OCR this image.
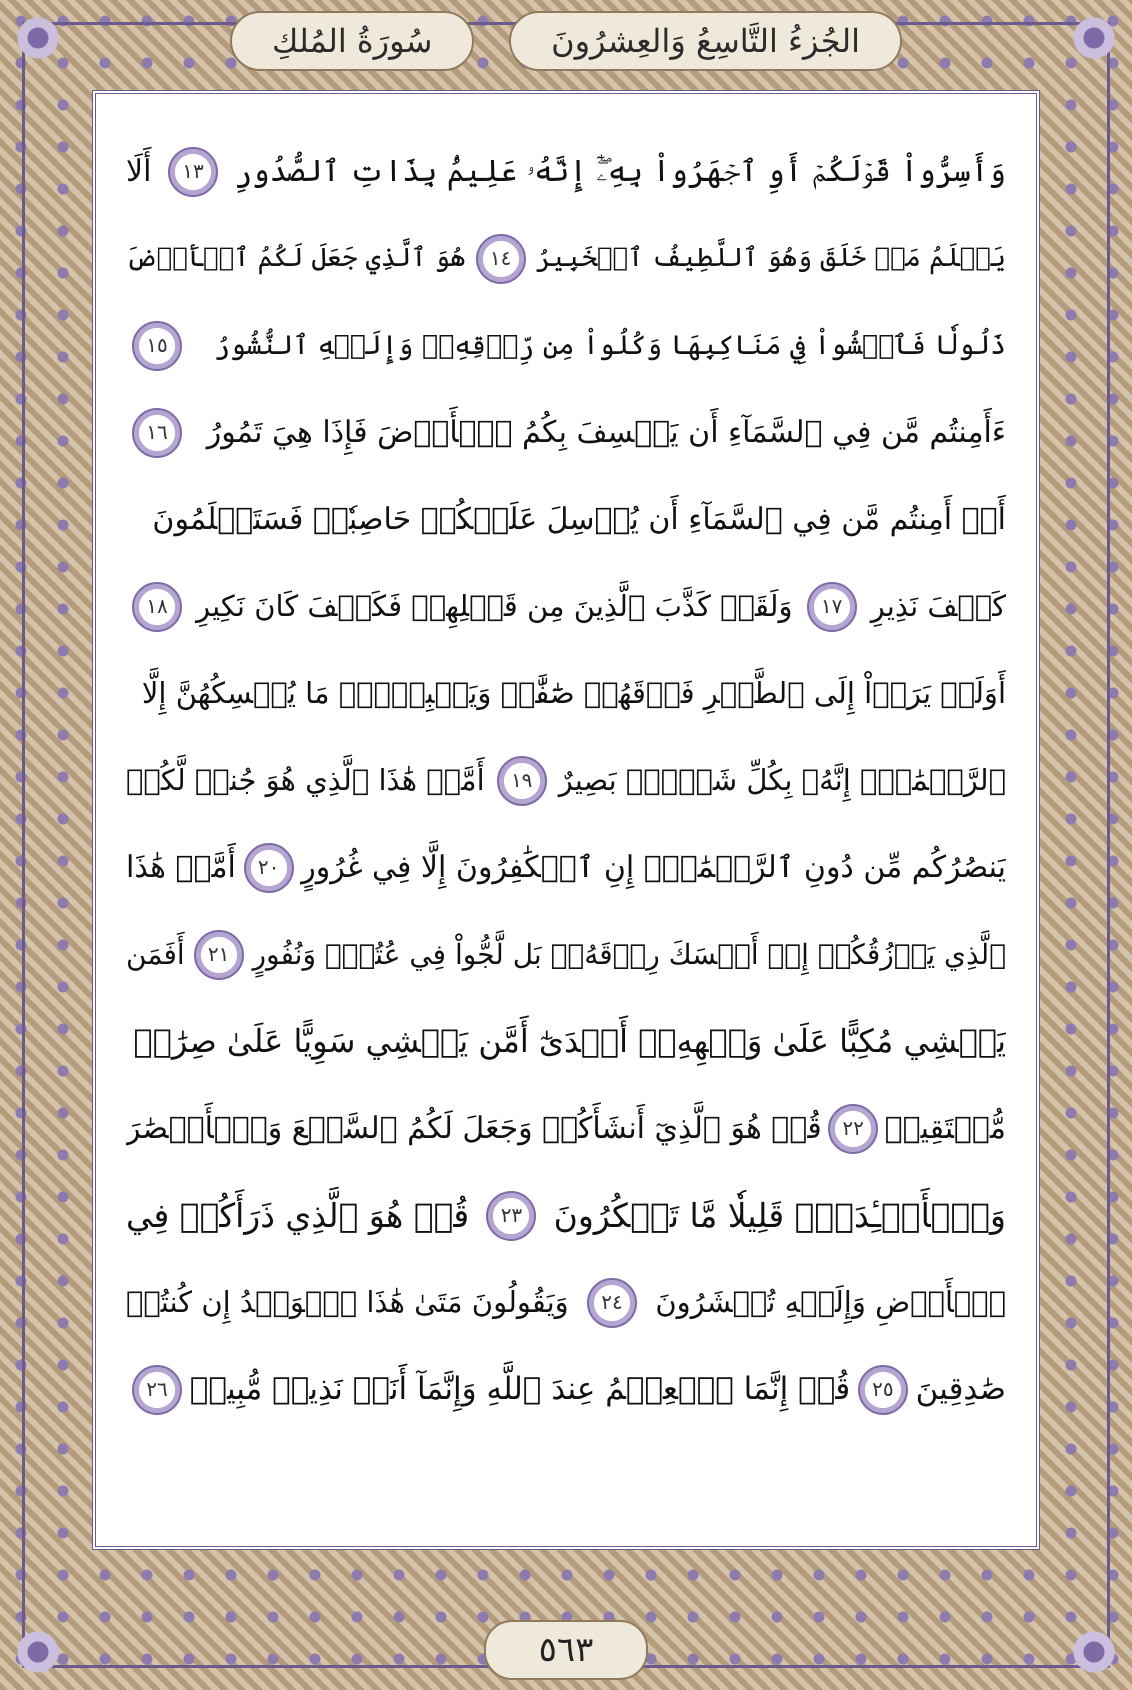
سُورَةُ المُلكِ	الجُزءُ التَّاسِعُ وَالعِشرُونَ
وَأَسِرُّواْ قَوۡلَكُمۡ أَوِ ٱجۡهَرُواْ بِهِۦٓۖ إِنَّهُۥ عَلِيمُۢ بِذَاتِ ٱلصُّدُورِ
١٣
أَلَا
يَعۡلَمُ مَنۡ خَلَقَ وَهُوَ ٱللَّطِيفُ ٱلۡخَبِيرُ
١٤
هُوَ ٱلَّذِي جَعَلَ لَكُمُ ٱلۡأَرۡضَ
ذَلُولٗا فَٱمۡشُواْ فِي مَنَاكِبِهَا وَكُلُواْ مِن رِّزۡقِهِۦۖ وَإِلَيۡهِ ٱلنُّشُورُ
١٥
ءَأَمِنتُم مَّن فِي ٱلسَّمَآءِ أَن يَخۡسِفَ بِكُمُ ٱلۡأَرۡضَ فَإِذَا هِيَ تَمُورُ
١٦
أَمۡ أَمِنتُم مَّن فِي ٱلسَّمَآءِ أَن يُرۡسِلَ عَلَيۡكُمۡ حَاصِبٗاۖ فَسَتَعۡلَمُونَ
كَيۡفَ نَذِيرِ
١٧
وَلَقَدۡ كَذَّبَ ٱلَّذِينَ مِن قَبۡلِهِمۡ فَكَيۡفَ كَانَ نَكِيرِ
١٨
أَوَلَمۡ يَرَوۡاْ إِلَى ٱلطَّيۡرِ فَوۡقَهُمۡ صَٰٓفَّٰتٖ وَيَقۡبِضۡنَۚ مَا يُمۡسِكُهُنَّ إِلَّا
ٱلرَّحۡمَٰنُۚ إِنَّهُۥ بِكُلِّ شَيۡءِۢ بَصِيرٌ
١٩
أَمَّنۡ هَٰذَا ٱلَّذِي هُوَ جُندٞ لَّكُمۡ
يَنصُرُكُم مِّن دُونِ ٱلرَّحۡمَٰنِۚ إِنِ ٱلۡكَٰفِرُونَ إِلَّا فِي غُرُورٍ
٢٠
أَمَّنۡ هَٰذَا
ٱلَّذِي يَرۡزُقُكُمۡ إِنۡ أَمۡسَكَ رِزۡقَهُۥۚ بَل لَّجُّواْ فِي عُتُوّٖ وَنُفُورٍ
٢١
أَفَمَن
يَمۡشِي مُكِبًّا عَلَىٰ وَجۡهِهِۦٓ أَهۡدَىٰٓ أَمَّن يَمۡشِي سَوِيًّا عَلَىٰ صِرَٰطٖ
مُّسۡتَقِيمٖ
٢٢
قُلۡ هُوَ ٱلَّذِيٓ أَنشَأَكُمۡ وَجَعَلَ لَكُمُ ٱلسَّمۡعَ وَٱلۡأَبۡصَٰرَ
وَٱلۡأَفۡـِٔدَةَۚ قَلِيلٗا مَّا تَشۡكُرُونَ
٢٣
قُلۡ هُوَ ٱلَّذِي ذَرَأَكُمۡ فِي
ٱلۡأَرۡضِ وَإِلَيۡهِ تُحۡشَرُونَ
٢٤
وَيَقُولُونَ مَتَىٰ هَٰذَا ٱلۡوَعۡدُ إِن كُنتُمۡ
صَٰدِقِينَ
٢٥
قُلۡ إِنَّمَا ٱلۡعِلۡمُ عِندَ ٱللَّهِ وَإِنَّمَآ أَنَا۠ نَذِيرٞ مُّبِينٞ
٢٦
٥٦٣
